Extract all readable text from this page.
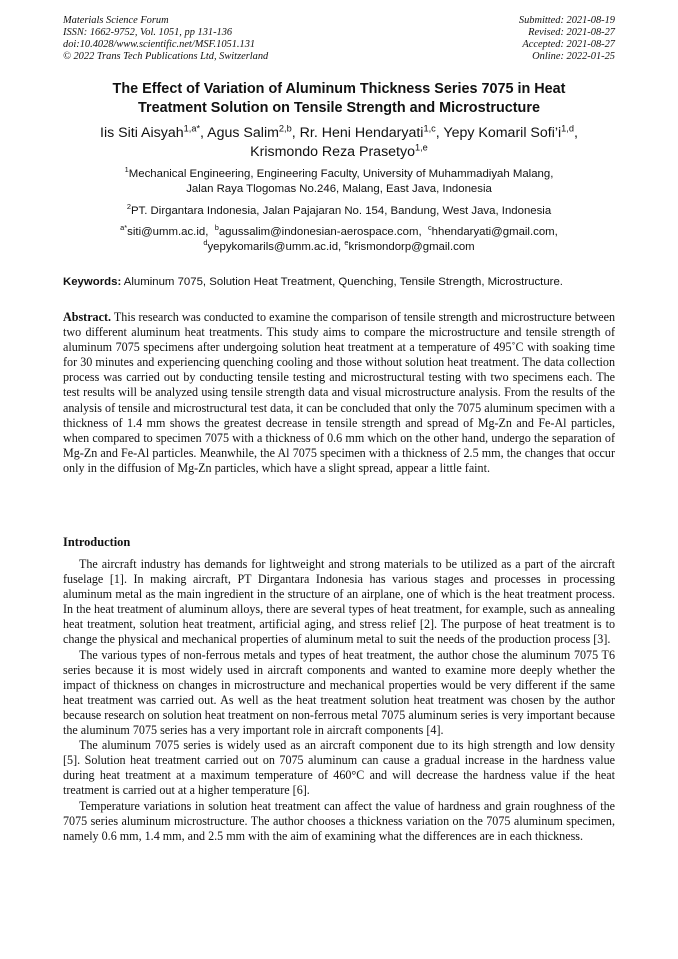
Materials Science Forum
ISSN: 1662-9752, Vol. 1051, pp 131-136
doi:10.4028/www.scientific.net/MSF.1051.131
© 2022 Trans Tech Publications Ltd, Switzerland
Submitted: 2021-08-19
Revised: 2021-08-27
Accepted: 2021-08-27
Online: 2022-01-25
The Effect of Variation of Aluminum Thickness Series 7075 in Heat
Treatment Solution on Tensile Strength and Microstructure
Iis Siti Aisyah$^{1,a*}$, Agus Salim$^{2,b}$, Rr. Heni Hendaryati$^{1,c}$, Yepy Komaril $Sofi’i^{1,d}$,
Krismondo Reza Prasetyo$^{1,e}$
$^1$Mechanical Engineering, Engineering Faculty, University of Muhammadiyah Malang,
Jalan Raya Tlogomas No.246, Malang, East Java, Indonesia
$^2$PT. Dirgantara Indonesia, Jalan Pajajaran No. 154, Bandung, West Java, Indonesia
$^{a*}$siti@umm.ac.id, $^b$agussalim@indonesian-aerospace.com, $^c$hhendaryati@gmail.com,
$^d$yepykomarils@umm.ac.id, $^e$krismondorp@gmail.com
Keywords: Aluminum 7075, Solution Heat Treatment, Quenching, Tensile Strength, Microstructure.
Abstract. This research was conducted to examine the comparison of tensile strength and microstructure between two different aluminum heat treatments. This study aims to compare the microstructure and tensile strength of aluminum 7075 specimens after undergoing solution heat treatment at a temperature of 495˚C with soaking time for 30 minutes and experiencing quenching cooling and those without solution heat treatment. The data collection process was carried out by conducting tensile testing and microstructural testing with two specimens each. The test results will be analyzed using tensile strength data and visual microstructure analysis. From the results of the analysis of tensile and microstructural test data, it can be concluded that only the 7075 aluminum specimen with a thickness of 1.4 mm shows the greatest decrease in tensile strength and spread of Mg-Zn and Fe-Al particles, when compared to specimen 7075 with a thickness of 0.6 mm which on the other hand, undergo the separation of Mg-Zn and Fe-Al particles. Meanwhile, the Al 7075 specimen with a thickness of 2.5 mm, the changes that occur only in the diffusion of Mg-Zn particles, which have a slight spread, appear a little faint.
Introduction

The aircraft industry has demands for lightweight and strong materials to be utilized as a part of the aircraft fuselage [1]. In making aircraft, PT Dirgantara Indonesia has various stages and processes in processing aluminum metal as the main ingredient in the structure of an airplane, one of which is the heat treatment process. In the heat treatment of aluminum alloys, there are several types of heat treatment, for example, such as annealing heat treatment, solution heat treatment, artificial aging, and stress relief [2]. The purpose of heat treatment is to change the physical and mechanical properties of aluminum metal to suit the needs of the production process [3].

The various types of non-ferrous metals and types of heat treatment, the author chose the aluminum 7075 T6 series because it is most widely used in aircraft components and wanted to examine more deeply whether the impact of thickness on changes in microstructure and mechanical properties would be very different if the same heat treatment was carried out. As well as the heat treatment solution heat treatment was chosen by the author because research on solution heat treatment on non-ferrous metal 7075 aluminum series is very important because the aluminum 7075 series has a very important role in aircraft components [4].

The aluminum 7075 series is widely used as an aircraft component due to its high strength and low density [5]. Solution heat treatment carried out on 7075 aluminum can cause a gradual increase in the hardness value during heat treatment at a maximum temperature of 460°C and will decrease the hardness value if the heat treatment is carried out at a higher temperature [6].

Temperature variations in solution heat treatment can affect the value of hardness and grain roughness of the 7075 series aluminum microstructure. The author chooses a thickness variation on the 7075 aluminum specimen, namely 0.6 mm, 1.4 mm, and 2.5 mm with the aim of examining what the differences are in each thickness.
